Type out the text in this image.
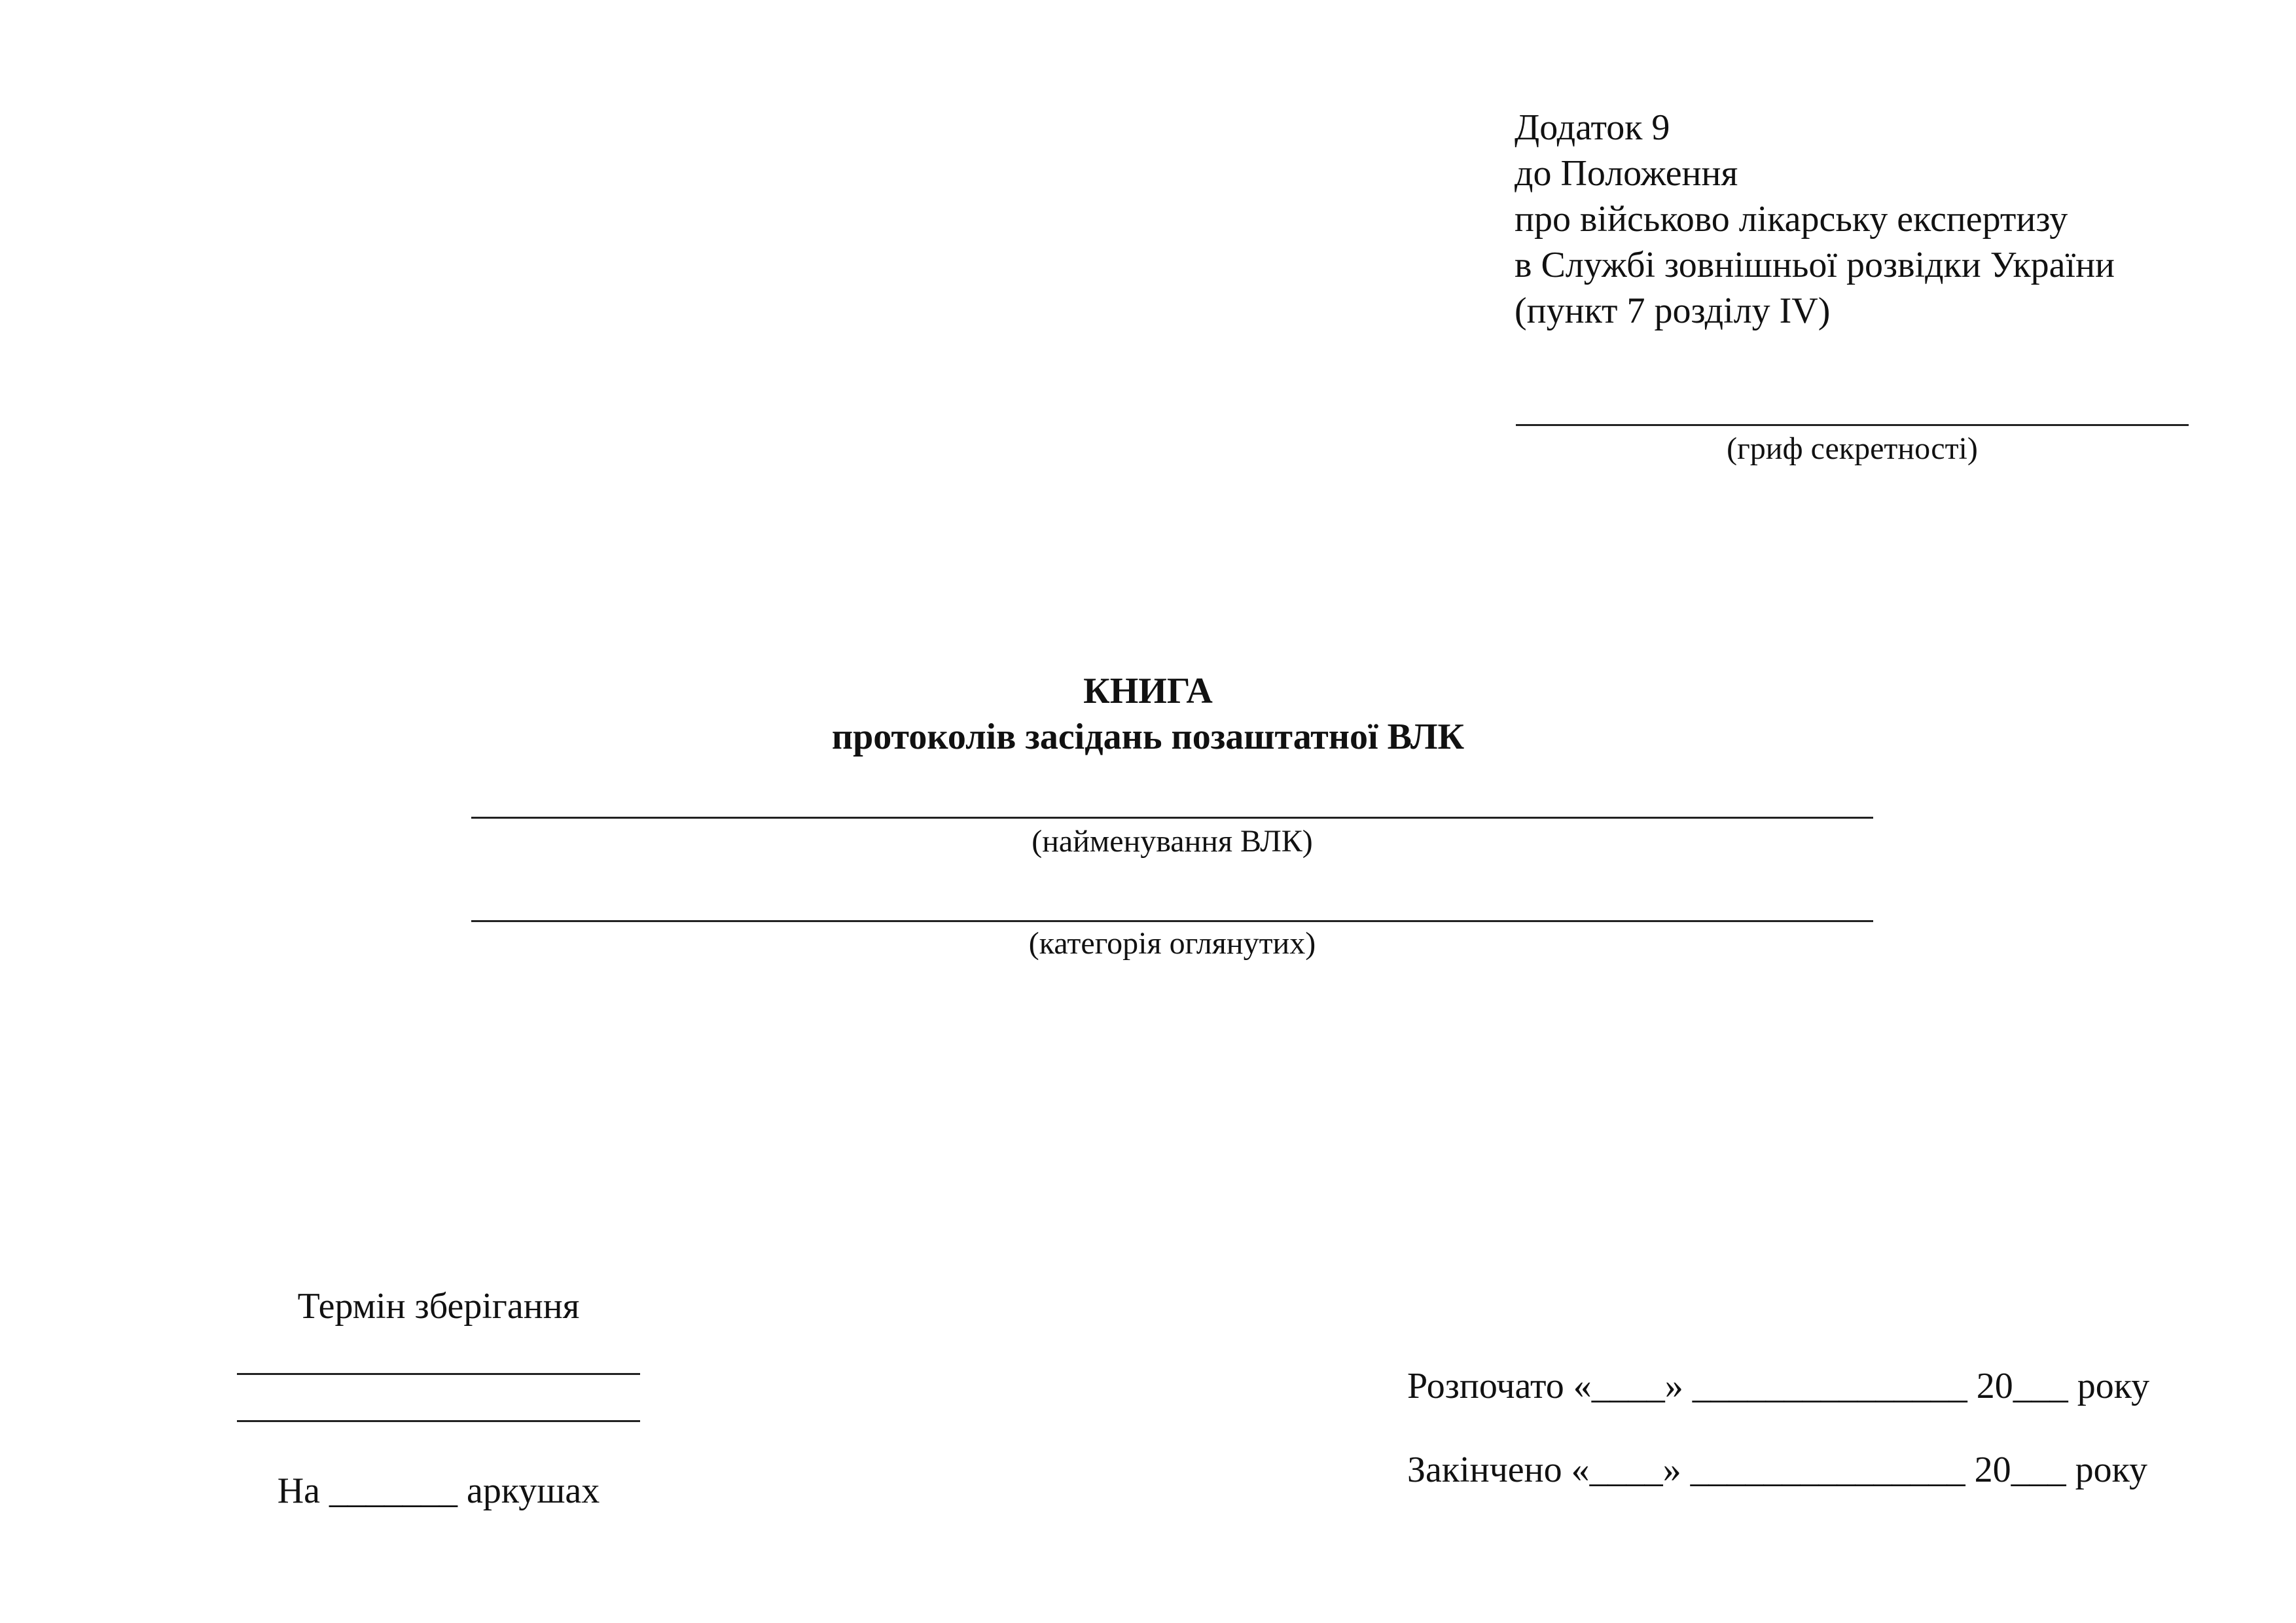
Додаток 9
до Положення
про військово лікарську експертизу
в Службі зовнішньої розвідки України
(пункт 7 розділу IV)
(гриф секретності)
КНИГА
протоколів засідань позаштатної ВЛК
(найменування ВЛК)
(категорія оглянутих)
Термін зберігання
На _______ аркушах
Розпочато «____» _______________ 20___ року
Закінчено «____» _______________ 20___ року
